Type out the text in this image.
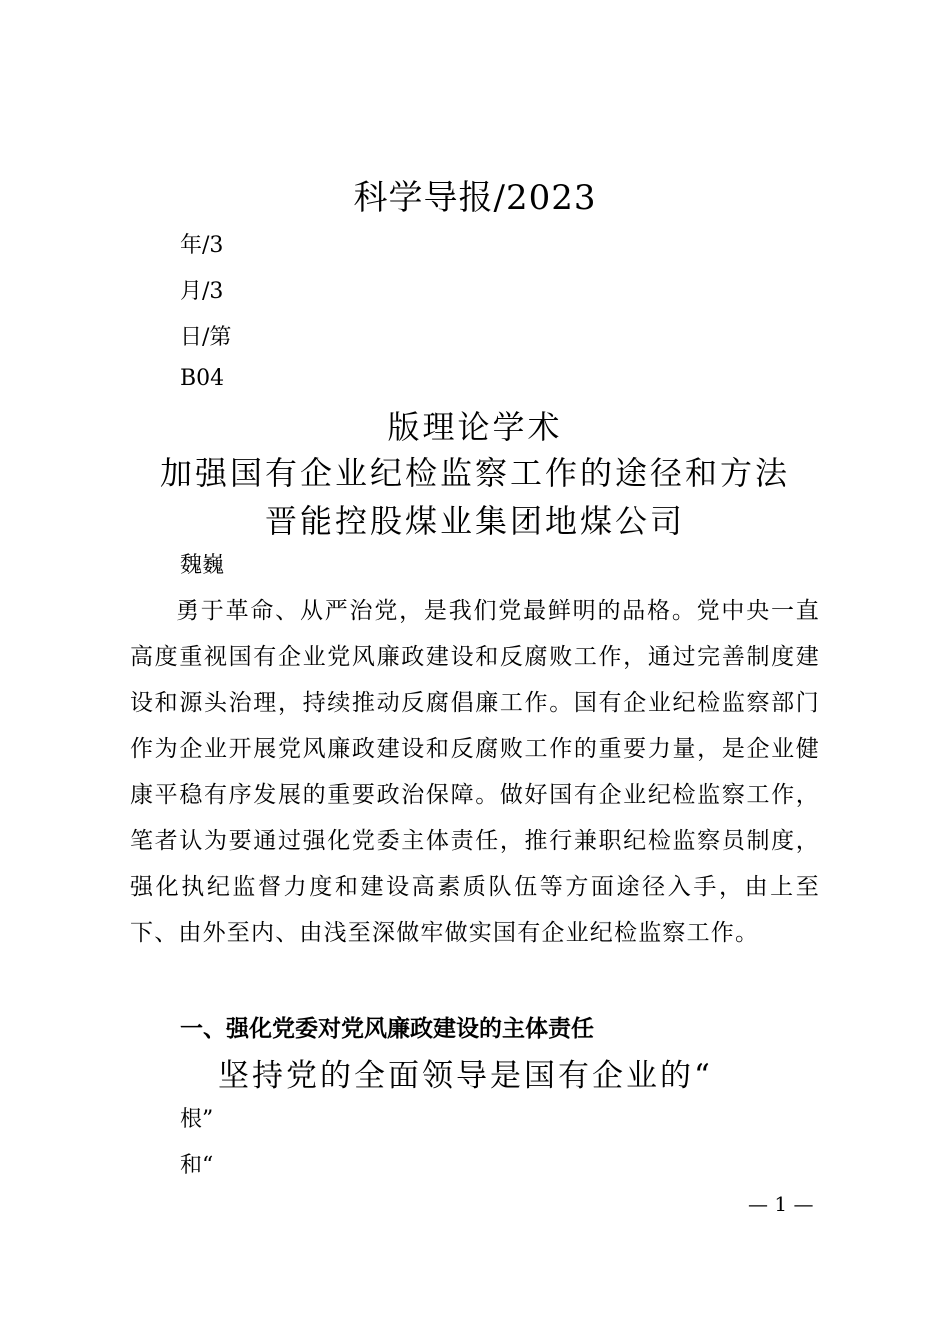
科学导报/2023
年/3
月/3
日/第
B04
版理论学术
加强国有企业纪检监察工作的途径和方法
晋能控股煤业集团地煤公司
魏巍
勇于革命、从严治党，是我们党最鲜明的品格。党中央一直高度重视国有企业党风廉政建设和反腐败工作，通过完善制度建设和源头治理，持续推动反腐倡廉工作。国有企业纪检监察部门作为企业开展党风廉政建设和反腐败工作的重要力量，是企业健康平稳有序发展的重要政治保障。做好国有企业纪检监察工作，笔者认为要通过强化党委主体责任，推行兼职纪检监察员制度，强化执纪监督力度和建设高素质队伍等方面途径入手，由上至下、由外至内、由浅至深做牢做实国有企业纪检监察工作。
一、强化党委对党风廉政建设的主体责任
坚持党的全面领导是国有企业的“
根”
和“
— 1 —
